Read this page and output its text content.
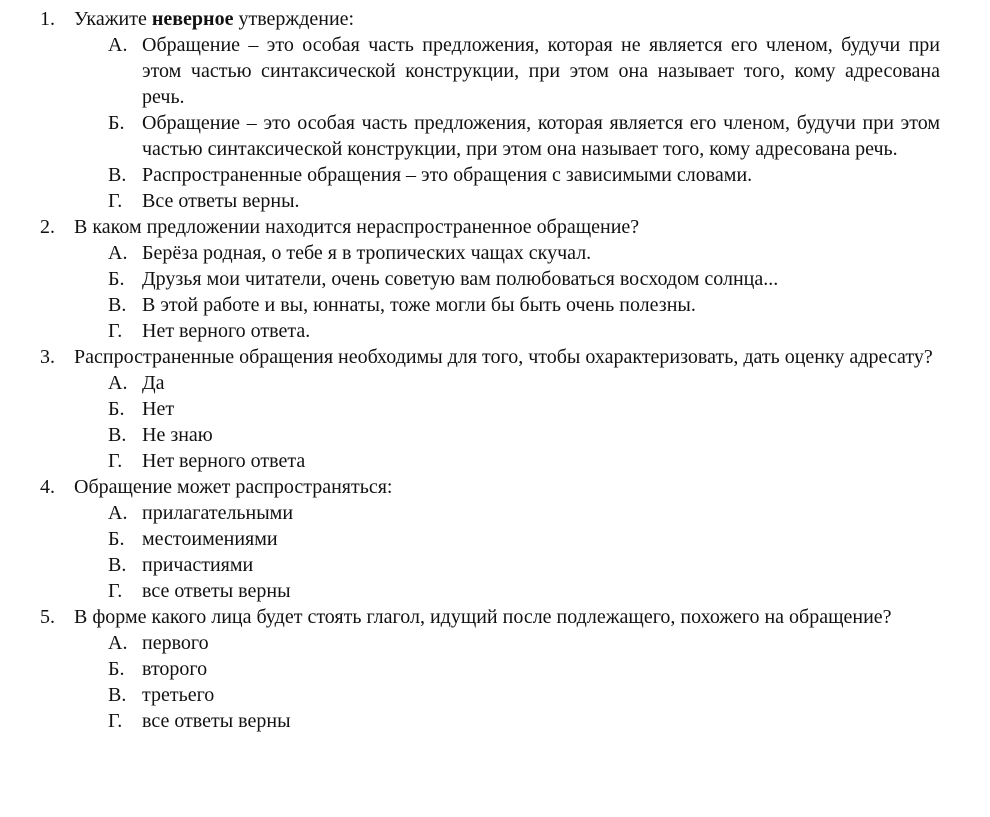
1. Укажите неверное утверждение:
А. Обращение – это особая часть предложения, которая не является его членом, будучи при этом частью синтаксической конструкции, при этом она называет того, кому адресована речь.
Б. Обращение – это особая часть предложения, которая является его членом, будучи при этом частью синтаксической конструкции, при этом она называет того, кому адресована речь.
В. Распространенные обращения – это обращения с зависимыми словами.
Г. Все ответы верны.
2. В каком предложении находится нераспространенное обращение?
А. Берёза родная, о тебе я в тропических чащах скучал.
Б. Друзья мои читатели, очень советую вам полюбоваться восходом солнца...
В. В этой работе и вы, юннаты, тоже могли бы быть очень полезны.
Г. Нет верного ответа.
3. Распространенные обращения необходимы для того, чтобы охарактеризовать, дать оценку адресату?
А. Да
Б. Нет
В. Не знаю
Г. Нет верного ответа
4. Обращение может распространяться:
А. прилагательными
Б. местоимениями
В. причастиями
Г. все ответы верны
5. В форме какого лица будет стоять глагол, идущий после подлежащего, похожего на обращение?
А. первого
Б. второго
В. третьего
Г. все ответы верны
